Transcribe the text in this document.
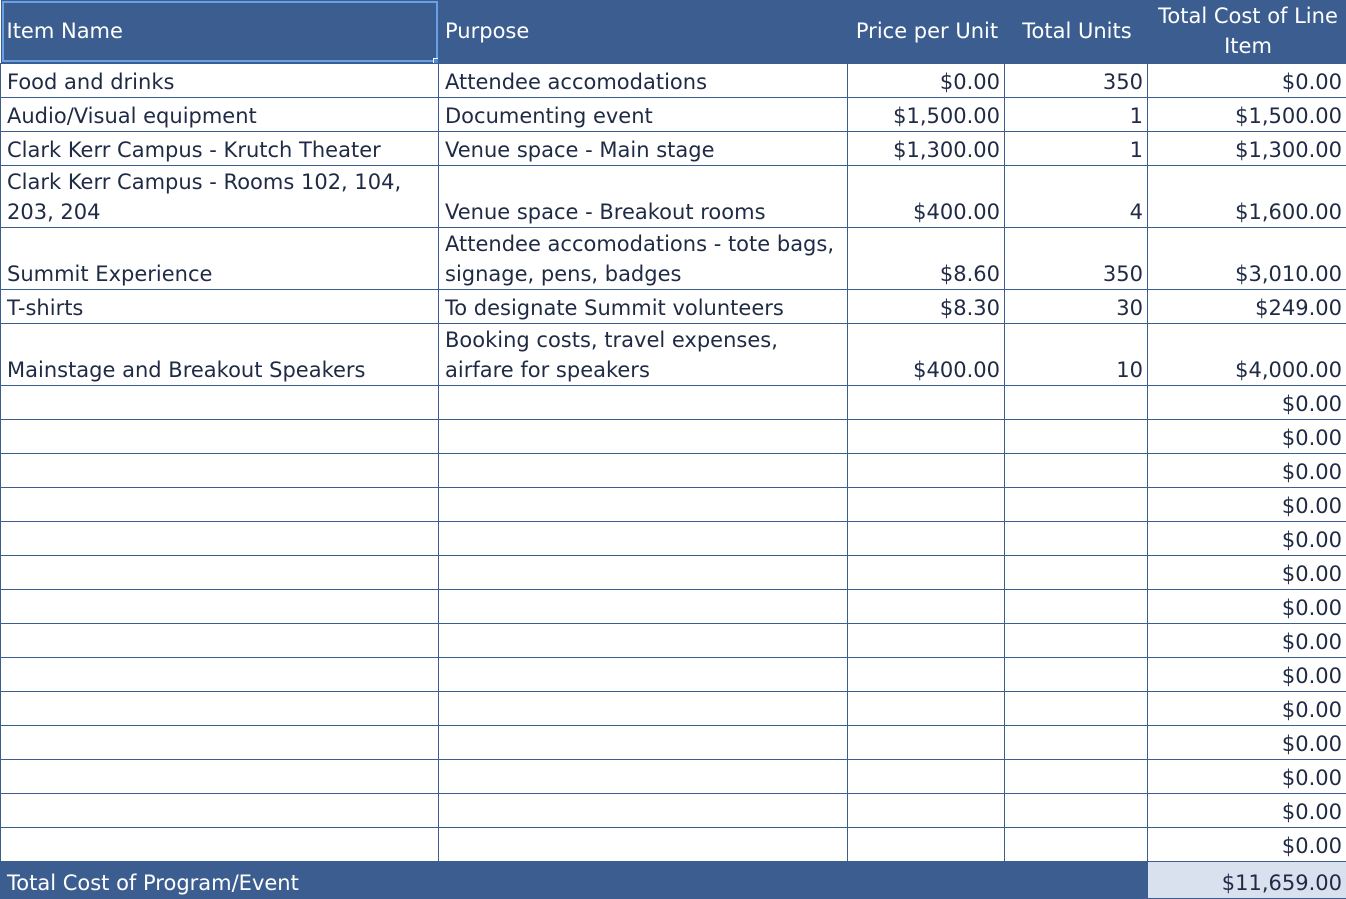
Item Name	Purpose	Price per Unit	Total Units	Total Cost of Line Item
Food and drinks	Attendee accomodations	$0.00	350	$0.00
Audio/Visual equipment	Documenting event	$1,500.00	1	$1,500.00
Clark Kerr Campus - Krutch Theater	Venue space - Main stage	$1,300.00	1	$1,300.00
Clark Kerr Campus - Rooms 102, 104, 203, 204	Venue space - Breakout rooms	$400.00	4	$1,600.00
Summit Experience	Attendee accomodations - tote bags, signage, pens, badges	$8.60	350	$3,010.00
T-shirts	To designate Summit volunteers	$8.30	30	$249.00
Mainstage and Breakout Speakers	Booking costs, travel expenses, airfare for speakers	$400.00	10	$4,000.00
				$0.00
				$0.00
				$0.00
				$0.00
				$0.00
				$0.00
				$0.00
				$0.00
				$0.00
				$0.00
				$0.00
				$0.00
				$0.00
				$0.00
Total Cost of Program/Event				$11,659.00
